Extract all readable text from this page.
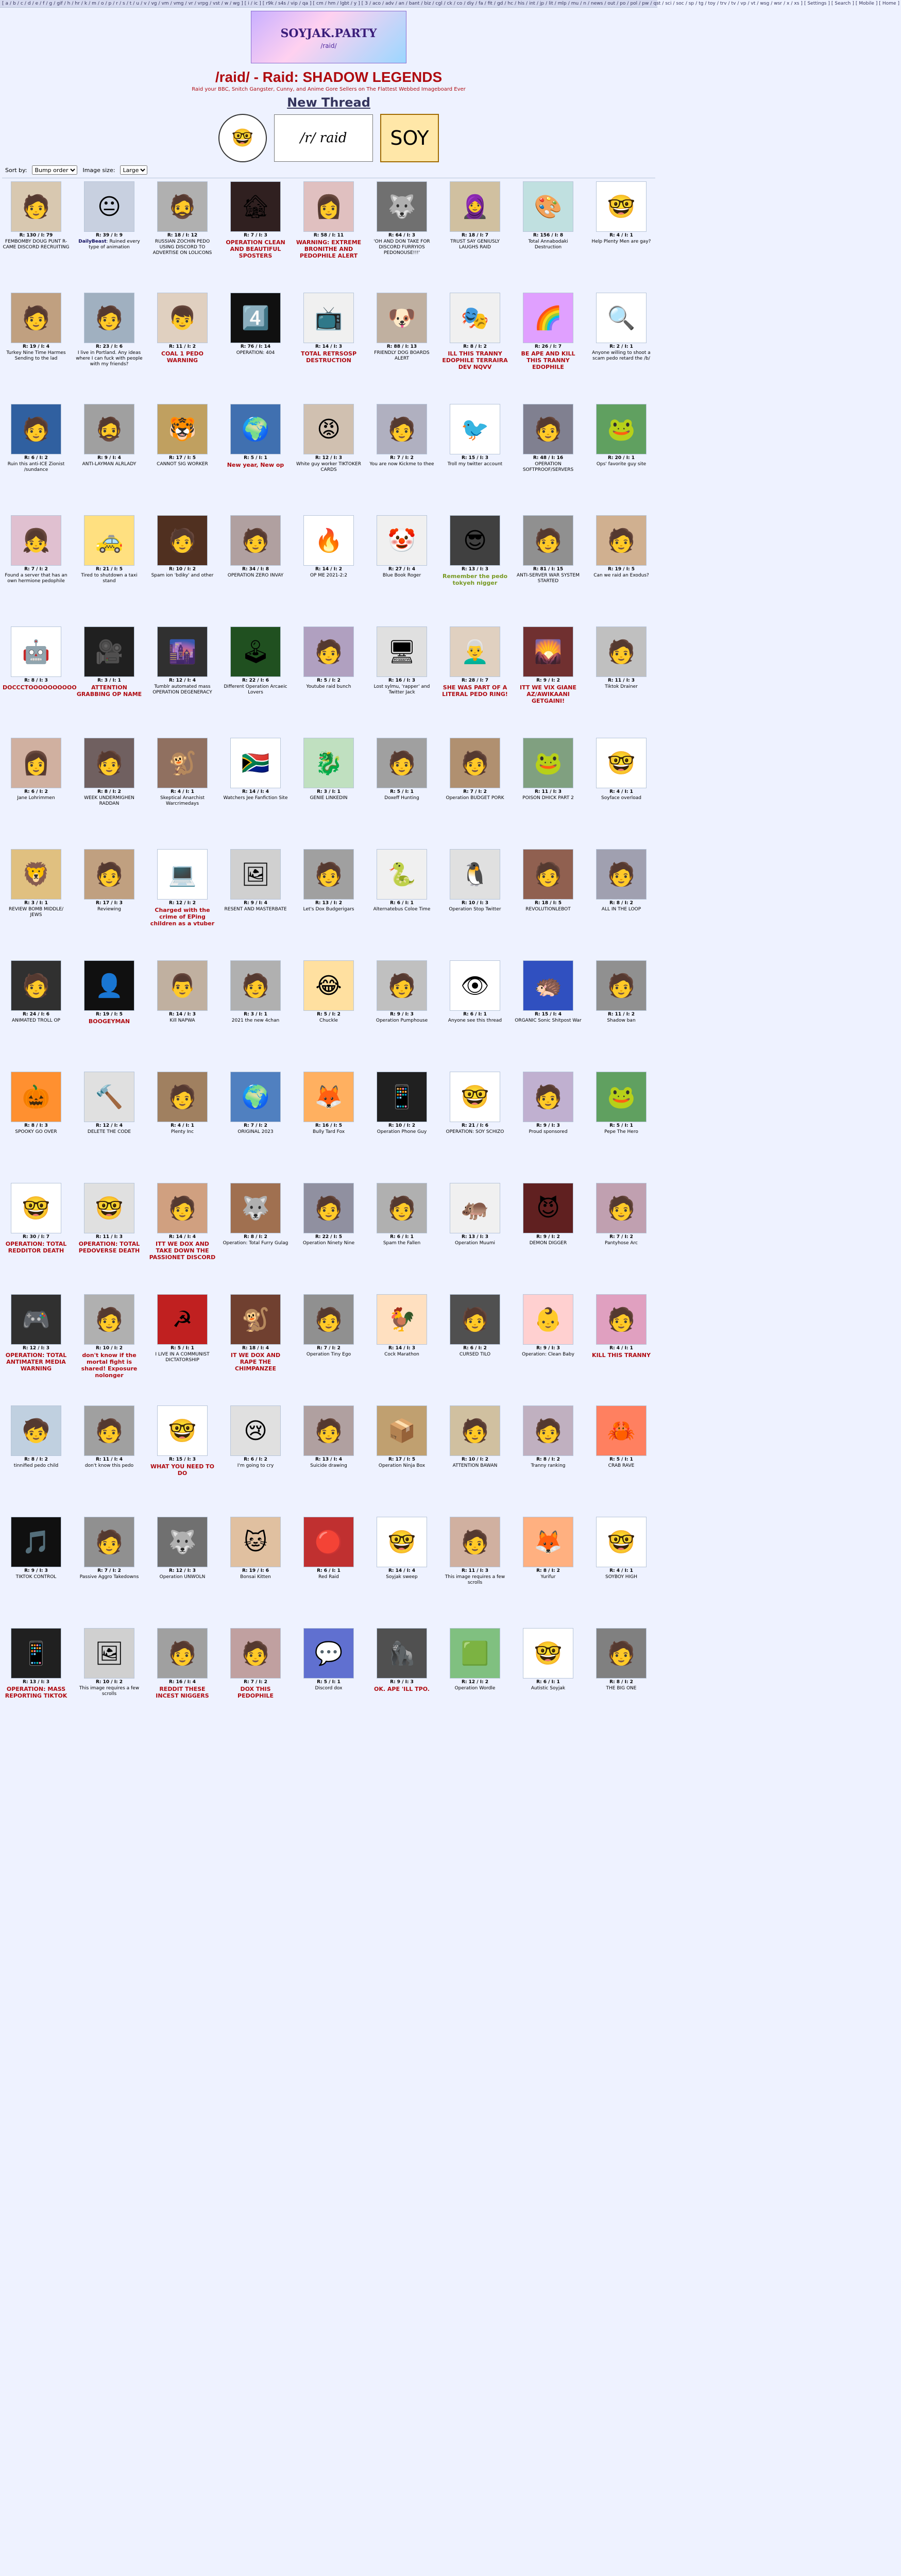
[ a / b / c / d / e / f / g / gif / h / hr / k / m / o / p / r / s / t / u / v / vg / vm / vmg / vr / vrpg / vst / w / wg ] [ i / ic ] [ r9k / s4s / vip / qa ] [ cm / hm / lgbt / y ] [ 3 / aco / adv / an / bant / biz / cgl / ck / co / diy / fa / fit / gd / hc / his / int / jp / lit / mlp / mu / n / news / out / po / pol / pw / qst / sci / soc / sp / tg / toy / trv / tv / vp / vt / wsg / wsr / x / xs ] [ Settings ] [ Search ] [ Mobile ] [ Home ]
SOYJAK.PARTY
/raid/
/raid/ - Raid: SHADOW LEGENDS
Raid your BBC, Snitch Gangster, Cunny, and Anime Gore Sellers on The Flattest Webbed Imageboard Ever
New Thread
🤓	/r/ raid	SOY
Sort by:
Bump order	Image size:
Large
🧑
R: 130 / I: 79
FEMBOMBY DOUG PUNT R- CAME DISCORD RECRUITING
😐
R: 39 / I: 9
DailyBeast: Ruined every type of animation
🧔
R: 18 / I: 12
RUSSIAN ZOCHIN PEDO USING DISCORD TO ADVERTISE ON LOLICONS
🏚
R: 7 / I: 3
OPERATION CLEAN AND BEAUTIFUL SPOSTERS
👩
R: 58 / I: 11
WARNING: EXTREME BRONITHE AND PEDOPHILE ALERT
🐺
R: 64 / I: 3
'OH AND DON TAKE FOR DISCORD FURRYIOS PEDONOUSE!!!'
🧕
R: 18 / I: 7
TRUST SAY GENIUSLY LAUGHS RAID
🎨
R: 156 / I: 8
Total Annabodaki Destruction
🤓
R: 4 / I: 1
Help Plenty Men are gay?
🧑
R: 19 / I: 4
Turkey Nine Time Harmes Sending to the lad
🧑
R: 23 / I: 6
I live in Portland. Any ideas where I can fuck with people with my friends?
👦
R: 11 / I: 2
COAL 1 PEDO WARNING
4️⃣
R: 76 / I: 14
OPERATION: 404
📺
R: 14 / I: 3
TOTAL RETRSOSP DESTRUCTION
🐶
R: 88 / I: 13
FRIENDLY DOG BOARDS ALERT
🎭
R: 8 / I: 2
ILL THIS TRANNY EDOPHILE TERRAIRA DEV NQVV
🌈
R: 26 / I: 7
BE APE AND KILL THIS TRANNY EDOPHILE
🔍
R: 2 / I: 1
Anyone willing to shoot a scam pedo retard the /b/
🧑
R: 6 / I: 2
Ruin this anti-ICE Zionist /sundance
🧔
R: 9 / I: 4
ANTI-LAYMAN ALRLADY
🐯
R: 17 / I: 5
CANNOT SIG WORKER
🌍
R: 5 / I: 1
New year, New op
😡
R: 12 / I: 3
White guy worker TIKTOKER CARDS
🧑
R: 7 / I: 2
You are now Kickme to thee
🐦
R: 15 / I: 3
Troll my twitter account
🧑
R: 48 / I: 16
OPERATION SOFTPROOF/SERVERS
🐸
R: 20 / I: 1
Ops' favorite guy site
👧
R: 7 / I: 2
Found a server that has an own hermione pedophile
🚕
R: 21 / I: 5
Tired to shutdown a taxi stand
🧑
R: 10 / I: 2
Spam ion 'bdiky' and other
🧑
R: 34 / I: 8
OPERATION ZERO INVAY
🔥
R: 14 / I: 2
OP ME 2021-2:2
🤡
R: 27 / I: 4
Blue Book Roger
😎
R: 13 / I: 3
Remember the pedo tokyeh nigger
🧑
R: 81 / I: 15
ANTI-SERVER WAR SYSTEM STARTED
🧑
R: 19 / I: 5
Can we raid an Exodus?
🤖
R: 8 / I: 3
DOCCCTOOOOOOOOOO
🎥
R: 3 / I: 1
ATTENTION GRABBING OP NAME
🌆
R: 12 / I: 4
Tumblr automated mass OPERATION DEGENERACY
🕹
R: 22 / I: 6
Different Operation Arcaeic Lovers
🧑
R: 5 / I: 2
Youtube raid bunch
🖥
R: 16 / I: 3
Lost sylmu, 'rapper' and Twitter Jack
👨‍🦳
R: 28 / I: 7
SHE WAS PART OF A LITERAL PEDO RING!
🌄
R: 9 / I: 2
ITT WE VIX GIANE AZ/AWIKAANI GETGAINI!
🧑
R: 11 / I: 3
Tiktok Drainer
👩
R: 6 / I: 2
Jane Lohrimmen
🧑
R: 8 / I: 2
WEEK UNDERMIGHEN RADDAN
🐒
R: 4 / I: 1
Skeptical Anarchist Warcrimedays
🇿🇦
R: 14 / I: 4
Watchers Jee Fanfiction Site
🐉
R: 3 / I: 1
GENIE LINKEDIN
🧑
R: 5 / I: 1
Doxeff Hunting
🧑
R: 7 / I: 2
Operation BUDGET PORK
🐸
R: 11 / I: 3
POISON DHICK PART 2
🤓
R: 4 / I: 1
Soyface overload
🦁
R: 3 / I: 1
REVIEW BOMB MIDDLE/ JEWS
🧑
R: 17 / I: 3
Reviewing
💻
R: 12 / I: 2
Charged with the crime of EPing children as a vtuber
🖼
R: 9 / I: 4
RESENT AND MASTERBATE
🧑
R: 13 / I: 2
Let's Dox Budgerigars
🐍
R: 6 / I: 1
Alternatebus Coloe Time
🐧
R: 10 / I: 3
Operation Stop Twitter
🧑
R: 18 / I: 5
REVOLUTIONLEBOT
🧑
R: 8 / I: 2
ALL IN THE LOOP
🧑
R: 24 / I: 6
ANIMATED TROLL OP
👤
R: 19 / I: 5
BOOGEYMAN
👨
R: 14 / I: 3
Kill NAPWA
🧑
R: 3 / I: 1
2021 the new 4chan
😂
R: 5 / I: 2
Chuckle
🧑
R: 9 / I: 3
Operation Pumphouse
👁
R: 6 / I: 1
Anyone see this thread
🦔
R: 15 / I: 4
ORGANIC Sonic Shitpost War
🧑
R: 11 / I: 2
Shadow ban
🎃
R: 8 / I: 3
SPOOKY GO OVER
🔨
R: 12 / I: 4
DELETE THE CODE
🧑
R: 4 / I: 1
Plenty Inc
🌍
R: 7 / I: 2
ORIGINAL 2023
🦊
R: 16 / I: 5
Bully Tard Fox
📱
R: 10 / I: 2
Operation Phone Guy
🤓
R: 21 / I: 6
OPERATION: SOY SCHIZO
🧑
R: 9 / I: 3
Proud sponsored
🐸
R: 5 / I: 1
Pepe The Hero
🤓
R: 30 / I: 7
OPERATION: TOTAL REDDITOR DEATH
🤓
R: 11 / I: 3
OPERATION: TOTAL PEDOVERSE DEATH
🧑
R: 14 / I: 4
ITT WE DOX AND TAKE DOWN THE PASSIONET DISCORD
🐺
R: 8 / I: 2
Operation: Total Furry Gulag
🧑
R: 22 / I: 5
Operation Ninety Nine
🧑
R: 6 / I: 1
Spam the Fallen
🦛
R: 13 / I: 3
Operation Muumi
😈
R: 9 / I: 2
DEMON DIGGER
🧑
R: 7 / I: 2
Pantyhose Arc
🎮
R: 12 / I: 3
OPERATION: TOTAL ANTIMATER MEDIA WARNING
🧑
R: 10 / I: 2
don't know if the mortal fight is shared! Exposure nolonger
☭
R: 5 / I: 1
I LIVE IN A COMMUNIST DICTATORSHIP
🐒
R: 18 / I: 4
IT WE DOX AND RAPE THE CHIMPANZEE
🧑
R: 7 / I: 2
Operation Tiny Ego
🐓
R: 14 / I: 3
Cock Marathon
🧑
R: 6 / I: 2
CURSED TILO
👶
R: 9 / I: 3
Operation: Clean Baby
🧑
R: 4 / I: 1
KILL THIS TRANNY
🧒
R: 8 / I: 2
tinnified pedo child
🧑
R: 11 / I: 4
don't know this pedo
🤓
R: 15 / I: 3
WHAT YOU NEED TO DO
😢
R: 6 / I: 2
I'm going to cry
🧑
R: 13 / I: 4
Suicide drawing
📦
R: 17 / I: 5
Operation Ninja Box
🧑
R: 10 / I: 2
ATTENTION BAWAN
🧑
R: 8 / I: 2
Tranny ranking
🦀
R: 5 / I: 1
CRAB RAVE
🎵
R: 9 / I: 3
TIKTOK CONTROL
🧑
R: 7 / I: 2
Passive Aggro Takedowns
🐺
R: 12 / I: 3
Operation UNWOLN
🐱
R: 19 / I: 6
Bonsai Kitten
🔴
R: 6 / I: 1
Red Raid
🤓
R: 14 / I: 4
Soyjak sweep
🧑
R: 11 / I: 3
This image requires a few scrolls
🦊
R: 8 / I: 2
Yurifur
🤓
R: 4 / I: 1
SOYBOY HIGH
📱
R: 13 / I: 3
OPERATION: MASS REPORTING TIKTOK
🖼
R: 10 / I: 2
This image requires a few scrolls
🧑
R: 16 / I: 4
REDDIT THESE INCEST NIGGERS
🧑
R: 7 / I: 2
DOX THIS PEDOPHILE
💬
R: 5 / I: 1
Discord dox
🦍
R: 9 / I: 3
OK. APE 'ILL TPO.
🟩
R: 12 / I: 2
Operation Wordle
🤓
R: 6 / I: 1
Autistic Soyjak
🧑
R: 8 / I: 2
THE BIG ONE
